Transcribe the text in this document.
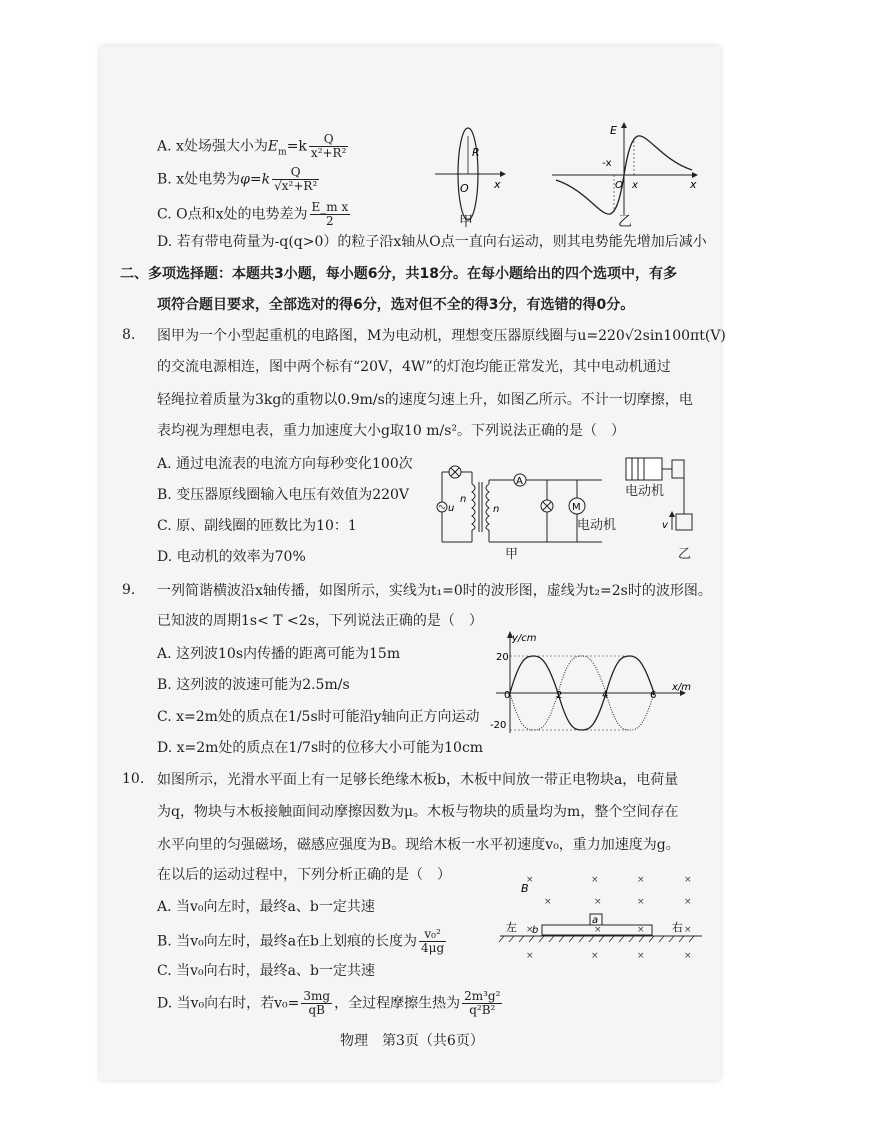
A. x处场强大小为$E_m=k \frac{Q}{\text{x²+R²}}$
B. x处电势为$\varphi=k \frac{Q}{\text{√x²+R²}}$
C. O点和x处的电势差为 $\frac{\text{E\_m x}}{2}$
D. 若有带电荷量为-q(q>0）的粒子沿x轴从O点一直向右运动，则其电势能先增加后减小
R
O x
甲
E
-x
O x	x
乙
二、多项选择题：本题共3小题，每小题6分，共18分。在每小题给出的四个选项中，有多
项符合题目要求，全部选对的得6分，选对但不全的得3分，有选错的得0分。
8. 图甲为一个小型起重机的电路图，M为电动机，理想变压器原线圈与u=220√2sin100πt(V)
的交流电源相连，图中两个标有“20V，4W”的灯泡均能正常发光，其中电动机通过
轻绳拉着质量为3kg的重物以0.9m/s的速度匀速上升，如图乙所示。不计一切摩擦，电
表均视为理想电表，重力加速度大小g取10 m/s²。下列说法正确的是（　）
A. 通过电流表的电流方向每秒变化100次
B. 变压器原线圈输入电压有效值为220V
C. 原、副线圈的匝数比为10：1
D. 电动机的效率为70%
u
n
n
A
M
电动机
甲
v
电动机
乙
9. 一列简谐横波沿x轴传播，如图所示，实线为t₁=0时的波形图，虚线为t₂=2s时的波形图。
已知波的周期1s< T <2s，下列说法正确的是（　）
A. 这列波10s内传播的距离可能为15m
B. 这列波的波速可能为2.5m/s
C. x=2m处的质点在1/5s时可能沿y轴向正方向运动
D. x=2m处的质点在1/7s时的位移大小可能为10cm
y/cm
x/m
20
-20
0	2	4	6
10. 如图所示，光滑水平面上有一足够长绝缘木板b，木板中间放一带正电物块a，电荷量
为q，物块与木板接触面间动摩擦因数为μ。木板与物块的质量均为m，整个空间存在
水平向里的匀强磁场，磁感应强度为B。现给木板一水平初速度v₀，重力加速度为g。
在以后的运动过程中，下列分析正确的是（　）
A. 当v₀向左时，最终a、b一定共速
B. 当v₀向左时，最终a在b上划痕的长度为 $\frac{\text{v₀²}}{4\mu g}$
C. 当v₀向右时，最终a、b一定共速
D. 当v₀向右时，若$v_0= \frac{3mg}{qB}$ ，全过程摩擦生热为 $\frac{\text{2m³g²}}{\text{q²B²}}$
×	×	×	×
×	×	×	×
×	×	×	×
×	×	×	×
B
左	右
a
b
物理　第3页（共6页）
